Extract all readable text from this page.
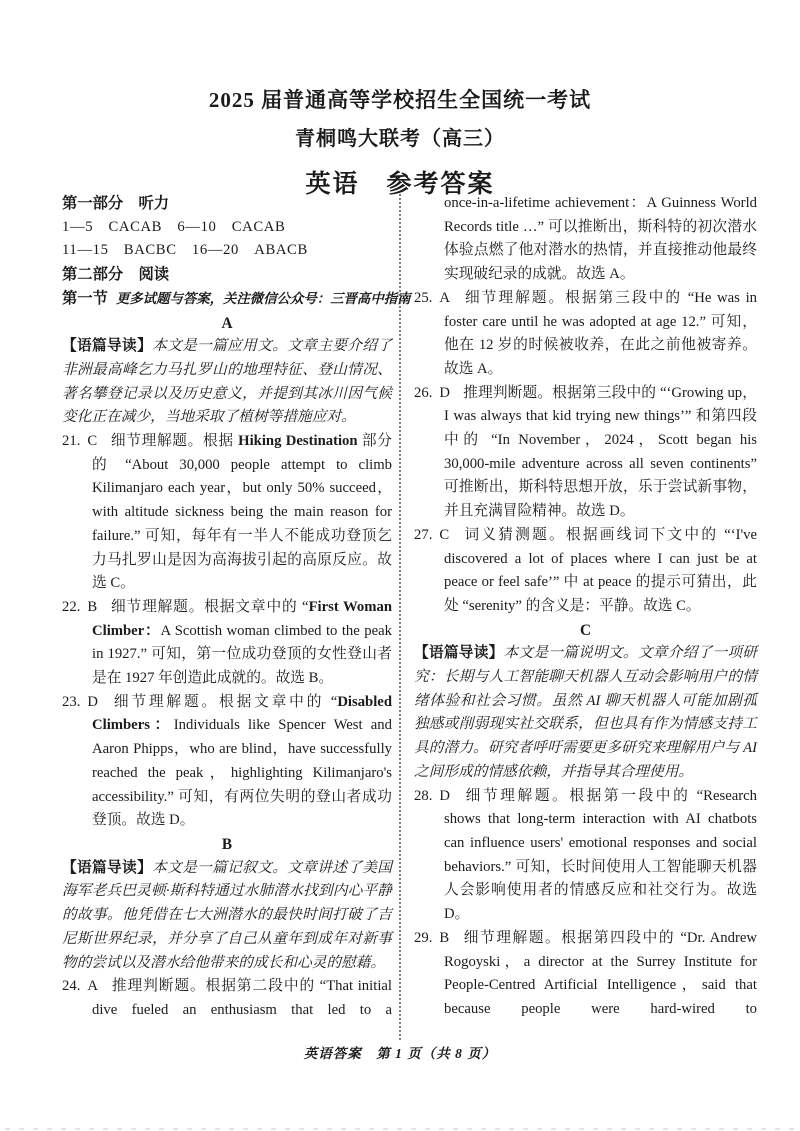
2025 届普通高等学校招生全国统一考试
青桐鸣大联考（高三）
英语　参考答案
第一部分　听力
1—5　CACAB　6—10　CACAB
11—15　BACBC　16—20　ABACB
第二部分　阅读
第一节 更多试题与答案，关注微信公众号：三晋高中指南
A
【语篇导读】本文是一篇应用文。文章主要介绍了非洲最高峰乞力马扎罗山的地理特征、登山情况、著名攀登记录以及历史意义，并提到其冰川因气候变化正在减少，当地采取了植树等措施应对。
21. C 细节理解题。根据 Hiking Destination 部分的 “About 30,000 people attempt to climb Kilimanjaro each year，but only 50% succeed，with altitude sickness being the main reason for failure.” 可知，每年有一半人不能成功登顶乞力马扎罗山是因为高海拔引起的高原反应。故选 C。
22. B 细节理解题。根据文章中的 “First Woman Climber：A Scottish woman climbed to the peak in 1927.” 可知，第一位成功登顶的女性登山者是在 1927 年创造此成就的。故选 B。
23. D 细节理解题。根据文章中的 “Disabled Climbers：Individuals like Spencer West and Aaron Phipps，who are blind，have successfully reached the peak，highlighting Kilimanjaro's accessibility.” 可知，有两位失明的登山者成功登顶。故选 D。
B
【语篇导读】本文是一篇记叙文。文章讲述了美国海军老兵巴灵顿·斯科特通过水肺潜水找到内心平静的故事。他凭借在七大洲潜水的最快时间打破了吉尼斯世界纪录，并分享了自己从童年到成年对新事物的尝试以及潜水给他带来的成长和心灵的慰藉。
24. A 推理判断题。根据第二段中的 “That initial dive fueled an enthusiasm that led to a
once-in-a-lifetime achievement：A Guinness World Records title …” 可以推断出，斯科特的初次潜水体验点燃了他对潜水的热情，并直接推动他最终实现破纪录的成就。故选 A。
25. A 细节理解题。根据第三段中的 “He was in foster care until he was adopted at age 12.” 可知，他在 12 岁的时候被收养，在此之前他被寄养。故选 A。
26. D 推理判断题。根据第三段中的 “‘Growing up，I was always that kid trying new things’” 和第四段中的 “In November，2024，Scott began his 30,000-mile adventure across all seven continents” 可推断出，斯科特思想开放，乐于尝试新事物，并且充满冒险精神。故选 D。
27. C 词义猜测题。根据画线词下文中的 “‘I've discovered a lot of places where I can just be at peace or feel safe’” 中 at peace 的提示可猜出，此处 “serenity” 的含义是：平静。故选 C。
C
【语篇导读】本文是一篇说明文。文章介绍了一项研究：长期与人工智能聊天机器人互动会影响用户的情绪体验和社会习惯。虽然 AI 聊天机器人可能加剧孤独感或削弱现实社交联系，但也具有作为情感支持工具的潜力。研究者呼吁需要更多研究来理解用户与 AI 之间形成的情感依赖，并指导其合理使用。
28. D 细节理解题。根据第一段中的 “Research shows that long-term interaction with AI chatbots can influence users' emotional responses and social behaviors.” 可知，长时间使用人工智能聊天机器人会影响使用者的情感反应和社交行为。故选 D。
29. B 细节理解题。根据第四段中的 “Dr. Andrew Rogoyski，a director at the Surrey Institute for People-Centred Artificial Intelligence，said that because people were hard-wired to
英语答案　第 1 页（共 8 页）
